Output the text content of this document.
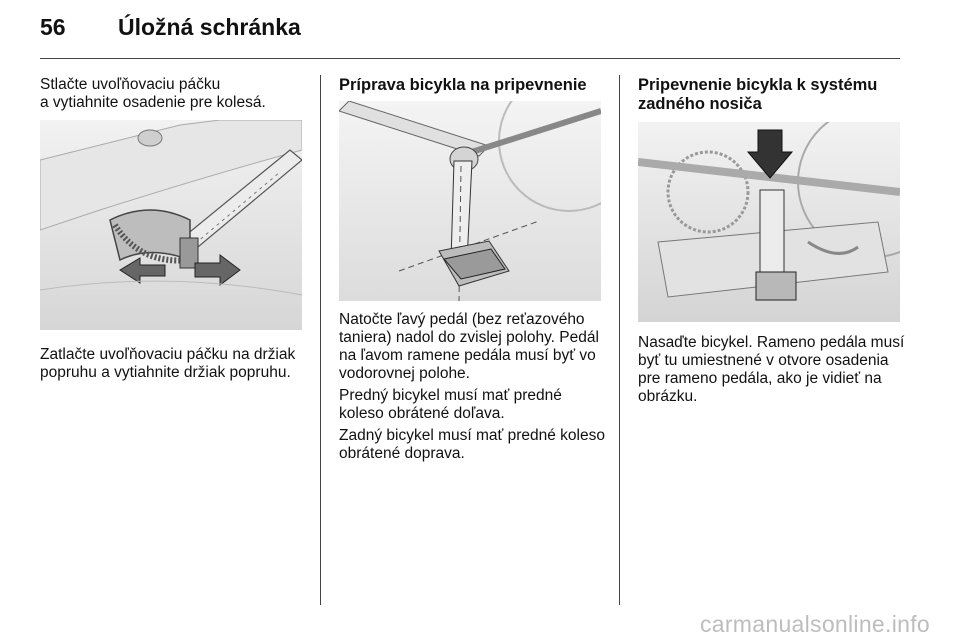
56	Úložná schránka

Stlačte uvoľňovaciu páčku
a vytiahnite osadenie pre kolesá.

Zatlačte uvoľňovaciu páčku na držiak popruhu a vytiahnite držiak popruhu.

Príprava bicykla na pripevnenie

Natočte ľavý pedál (bez reťazového taniera) nadol do zvislej polohy. Pedál na ľavom ramene pedála musí byť vo vodorovnej polohe.

Predný bicykel musí mať predné koleso obrátené doľava.

Zadný bicykel musí mať predné koleso obrátené doprava.

Pripevnenie bicykla k systému zadného nosiča

Nasaďte bicykel. Rameno pedála musí byť tu umiestnené v otvore osadenia pre rameno pedála, ako je vidieť na obrázku.

carmanualsonline.info
